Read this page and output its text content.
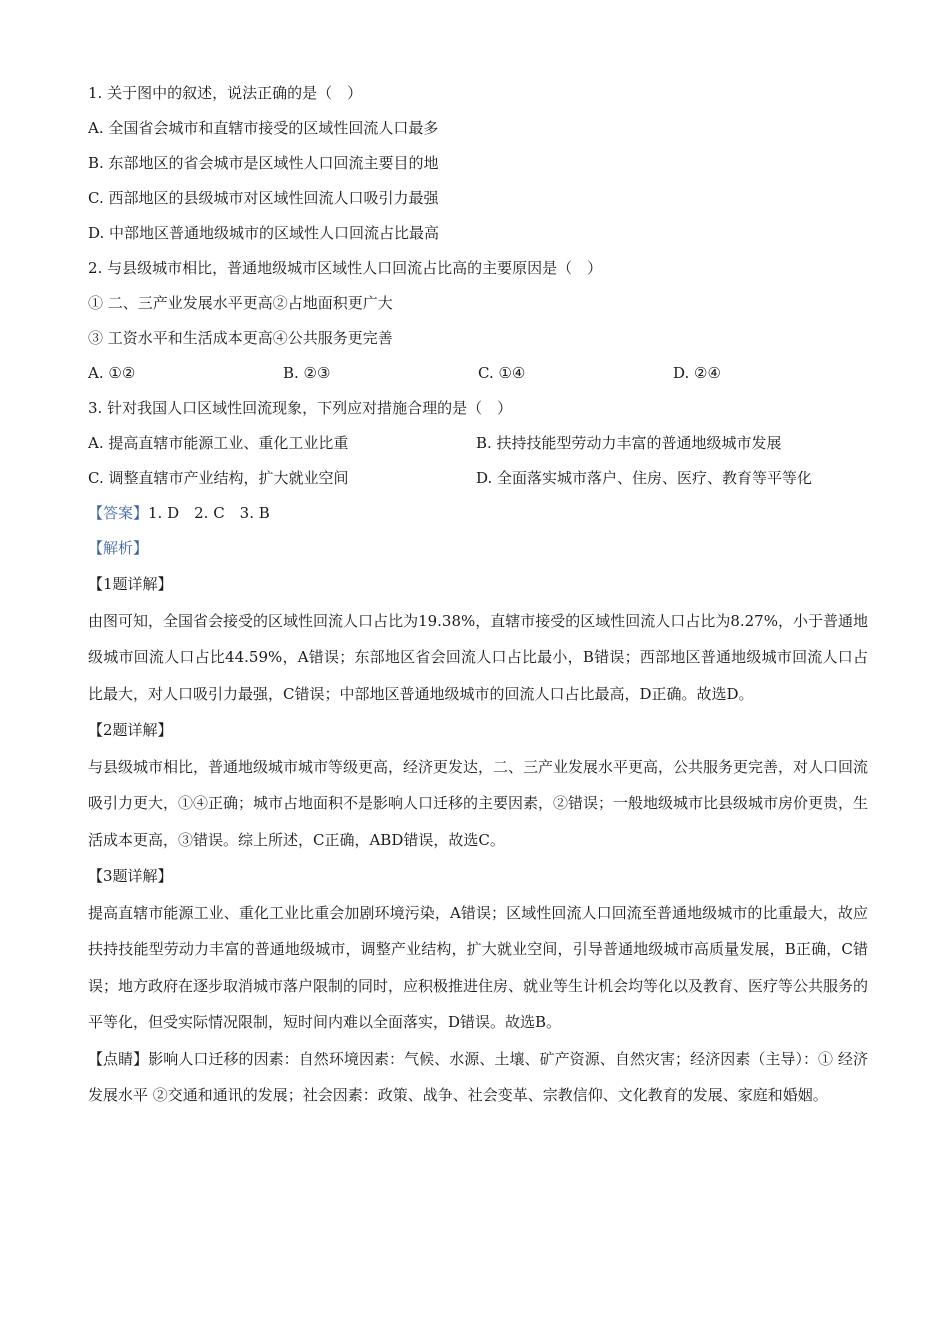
1. 关于图中的叙述，说法正确的是（　）
A. 全国省会城市和直辖市接受的区域性回流人口最多
B. 东部地区的省会城市是区域性人口回流主要目的地
C. 西部地区的县级城市对区域性回流人口吸引力最强
D. 中部地区普通地级城市的区域性人口回流占比最高
2. 与县级城市相比，普通地级城市区域性人口回流占比高的主要原因是（　）
① 二、三产业发展水平更高②占地面积更广大
③ 工资水平和生活成本更高④公共服务更完善
A. ①②	B. ②③	C. ①④	D. ②④
3. 针对我国人口区域性回流现象，下列应对措施合理的是（　）
A. 提高直辖市能源工业、重化工业比重	B. 扶持技能型劳动力丰富的普通地级城市发展
C. 调整直辖市产业结构，扩大就业空间	D. 全面落实城市落户、住房、医疗、教育等平等化
【答案】1. D　2. C　3. B
【解析】
【1题详解】
由图可知，全国省会接受的区域性回流人口占比为19.38%，直辖市接受的区域性回流人口占比为8.27%，小于普通地级城市回流人口占比44.59%，A错误；东部地区省会回流人口占比最小，B错误；西部地区普通地级城市回流人口占比最大，对人口吸引力最强，C错误；中部地区普通地级城市的回流人口占比最高，D正确。故选D。
【2题详解】
与县级城市相比，普通地级城市城市等级更高，经济更发达，二、三产业发展水平更高，公共服务更完善，对人口回流吸引力更大，①④正确；城市占地面积不是影响人口迁移的主要因素，②错误；一般地级城市比县级城市房价更贵，生活成本更高，③错误。综上所述，C正确，ABD错误，故选C。
【3题详解】
提高直辖市能源工业、重化工业比重会加剧环境污染，A错误；区域性回流人口回流至普通地级城市的比重最大，故应扶持技能型劳动力丰富的普通地级城市，调整产业结构，扩大就业空间，引导普通地级城市高质量发展，B正确，C错误；地方政府在逐步取消城市落户限制的同时，应积极推进住房、就业等生计机会均等化以及教育、医疗等公共服务的平等化，但受实际情况限制，短时间内难以全面落实，D错误。故选B。
【点睛】影响人口迁移的因素：自然环境因素：气候、水源、土壤、矿产资源、自然灾害；经济因素（主导）：① 经济发展水平 ②交通和通讯的发展；社会因素：政策、战争、社会变革、宗教信仰、文化教育的发展、家庭和婚姻。
